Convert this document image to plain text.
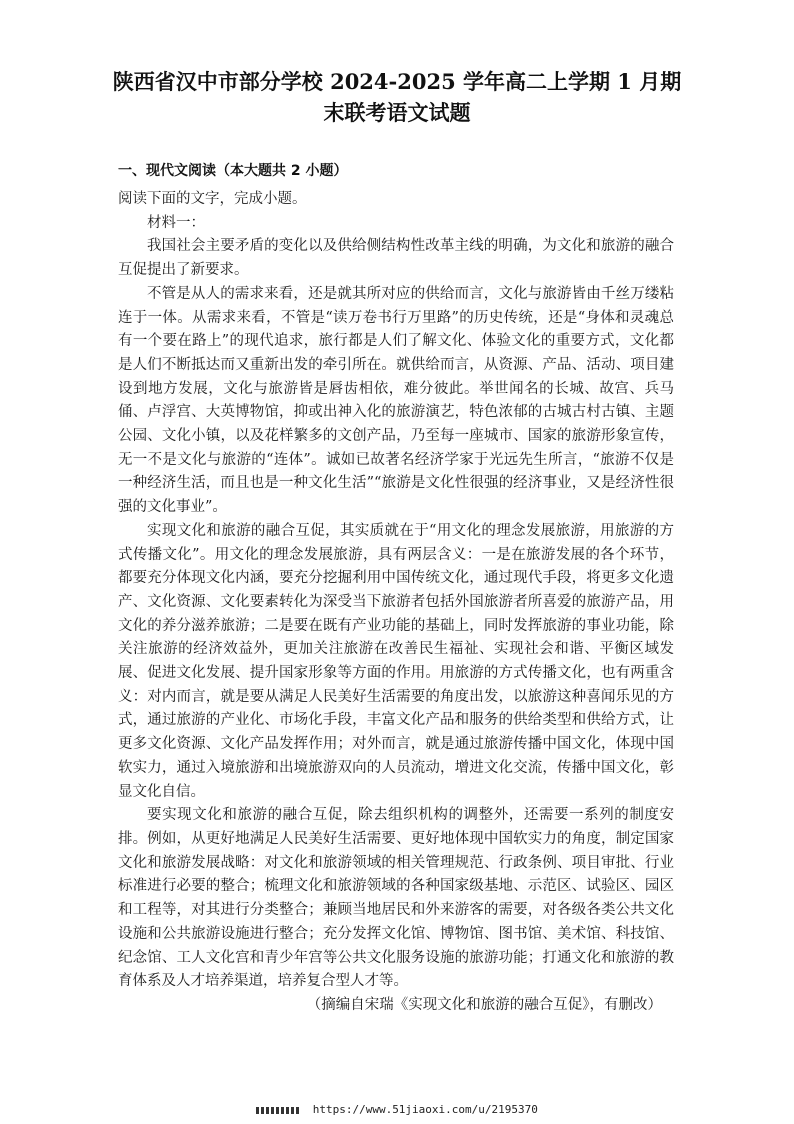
陕西省汉中市部分学校 2024-2025 学年高二上学期 1 月期
末联考语文试题
一、现代文阅读（本大题共 2 小题）

阅读下面的文字，完成小题。

材料一：

我国社会主要矛盾的变化以及供给侧结构性改革主线的明确，为文化和旅游的融合互促提出了新要求。

不管是从人的需求来看，还是就其所对应的供给而言，文化与旅游皆由千丝万缕粘连于一体。从需求来看，不管是“读万卷书行万里路”的历史传统，还是“身体和灵魂总有一个要在路上”的现代追求，旅行都是人们了解文化、体验文化的重要方式，文化都是人们不断抵达而又重新出发的牵引所在。就供给而言，从资源、产品、活动、项目建设到地方发展，文化与旅游皆是唇齿相依，难分彼此。举世闻名的长城、故宫、兵马俑、卢浮宫、大英博物馆，抑或出神入化的旅游演艺，特色浓郁的古城古村古镇、主题公园、文化小镇，以及花样繁多的文创产品，乃至每一座城市、国家的旅游形象宣传，无一不是文化与旅游的“连体”。诚如已故著名经济学家于光远先生所言，“旅游不仅是一种经济生活，而且也是一种文化生活”“旅游是文化性很强的经济事业，又是经济性很强的文化事业”。

实现文化和旅游的融合互促，其实质就在于“用文化的理念发展旅游，用旅游的方式传播文化”。用文化的理念发展旅游，具有两层含义：一是在旅游发展的各个环节，都要充分体现文化内涵，要充分挖掘利用中国传统文化，通过现代手段，将更多文化遗产、文化资源、文化要素转化为深受当下旅游者包括外国旅游者所喜爱的旅游产品，用文化的养分滋养旅游；二是要在既有产业功能的基础上，同时发挥旅游的事业功能，除关注旅游的经济效益外，更加关注旅游在改善民生福祉、实现社会和谐、平衡区域发展、促进文化发展、提升国家形象等方面的作用。用旅游的方式传播文化，也有两重含义：对内而言，就是要从满足人民美好生活需要的角度出发，以旅游这种喜闻乐见的方式，通过旅游的产业化、市场化手段，丰富文化产品和服务的供给类型和供给方式，让更多文化资源、文化产品发挥作用；对外而言，就是通过旅游传播中国文化，体现中国软实力，通过入境旅游和出境旅游双向的人员流动，增进文化交流，传播中国文化，彰显文化自信。

要实现文化和旅游的融合互促，除去组织机构的调整外，还需要一系列的制度安排。例如，从更好地满足人民美好生活需要、更好地体现中国软实力的角度，制定国家文化和旅游发展战略：对文化和旅游领域的相关管理规范、行政条例、项目审批、行业标准进行必要的整合；梳理文化和旅游领域的各种国家级基地、示范区、试验区、园区和工程等，对其进行分类整合；兼顾当地居民和外来游客的需要，对各级各类公共文化设施和公共旅游设施进行整合；充分发挥文化馆、博物馆、图书馆、美术馆、科技馆、纪念馆、工人文化宫和青少年宫等公共文化服务设施的旅游功能；打通文化和旅游的教育体系及人才培养渠道，培养复合型人才等。

（摘编自宋瑞《实现文化和旅游的融合互促》，有删改）

https://www.51jiaoxi.com/u/2195370
